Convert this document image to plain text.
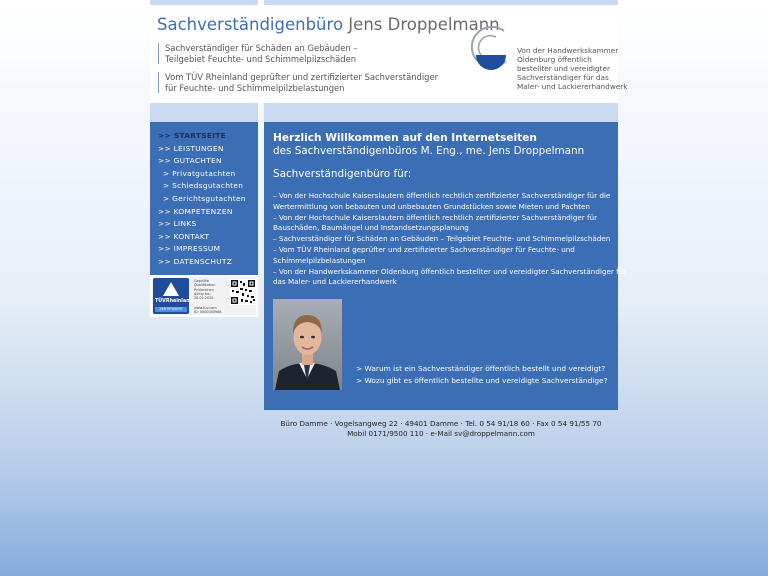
Sachverständigenbüro Jens Droppelmann
Sachverständiger für Schäden an Gebäuden –
Teilgebiet Feuchte- und Schimmelpilzschäden
Vom TÜV Rheinland geprüfter und zertifizierter Sachverständiger
für Feuchte- und Schimmelpilzbelastungen
Von der Handwerkskammer
Oldenburg öffentlich
bestellter und vereidigter
Sachverständiger für das
Maler- und Lackiererhandwerk
>> STARTSEITE
>> LEISTUNGEN
>> GUTACHTEN
> Privatgutachten
> Schiedsgutachten
> Gerichtsgutachten
>> KOMPETENZEN
>> LINKS
>> KONTAKT
>> IMPRESSUM
>> DATENSCHUTZ
TÜVRheinland
ZERTIFIZIERT
Geprüfte
Qualifikation
Prüfzeichen
gültig bis:
28.02.2020
www.tuv.com
ID: 0000040986
Herzlich Willkommen auf den Internetseiten
des Sachverständigenbüros M. Eng., me. Jens Droppelmann
Sachverständigenbüro für:
– Von der Hochschule Kaiserslautern öffentlich rechtlich zertifizierter Sachverständiger für die
Wertermittlung von bebauten und unbebauten Grundstücken sowie Mieten und Pachten
– Von der Hochschule Kaiserslautern öffentlich rechtlich zertifizierter Sachverständiger für
Bauschäden, Baumängel und Instandsetzungsplanung
– Sachverständiger für Schäden an Gebäuden – Teilgebiet Feuchte- und Schimmelpilzschäden
– Vom TÜV Rheinland geprüfter und zertifizierter Sachverständiger für Feuchte- und
Schimmelpilzbelastungen
– Von der Handwerkskammer Oldenburg öffentlich bestellter und vereidigter Sachverständiger für
das Maler- und Lackiererhandwerk
> Warum ist ein Sachverständiger öffentlich bestellt und vereidigt?
> Wozu gibt es öffentlich bestellte und vereidigte Sachverständige?
Büro Damme · Vogelsangweg 22 · 49401 Damme · Tel. 0 54 91/18 60 · Fax 0 54 91/55 70
Mobil 0171/9500 110 · e-Mail sv@droppelmann.com
